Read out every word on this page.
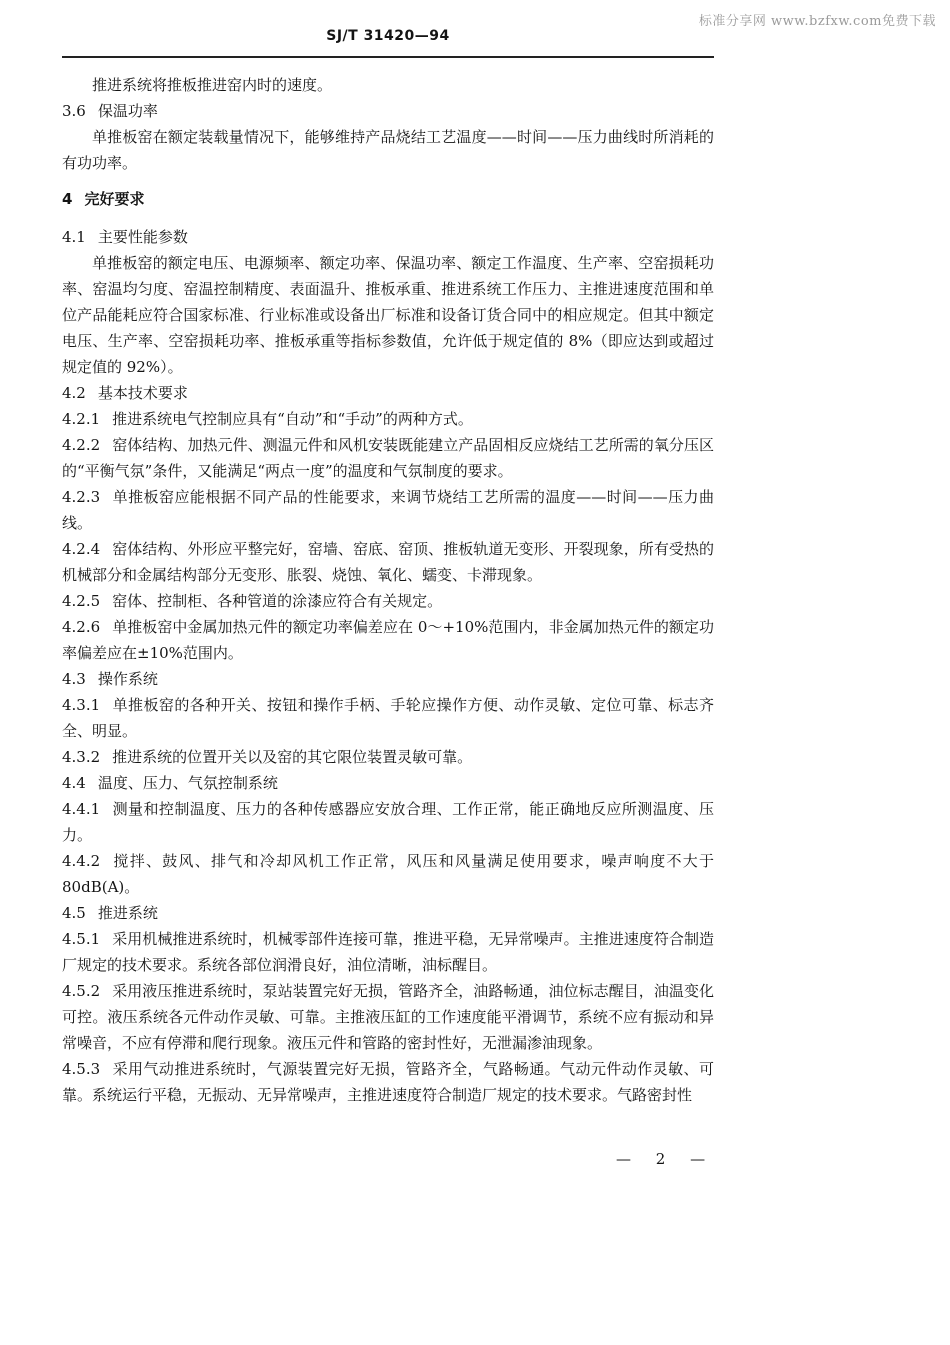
标准分享网 www.bzfxw.com免费下载
SJ/T 31420—94

推进系统将推板推进窑内时的速度。

3.6 保温功率

单推板窑在额定装载量情况下，能够维持产品烧结工艺温度——时间——压力曲线时所消耗的有功功率。

4 完好要求

4.1 主要性能参数

单推板窑的额定电压、电源频率、额定功率、保温功率、额定工作温度、生产率、空窑损耗功率、窑温均匀度、窑温控制精度、表面温升、推板承重、推进系统工作压力、主推进速度范围和单位产品能耗应符合国家标准、行业标准或设备出厂标准和设备订货合同中的相应规定。但其中额定电压、生产率、空窑损耗功率、推板承重等指标参数值，允许低于规定值的 8%（即应达到或超过规定值的 92%）。

4.2 基本技术要求

4.2.1 推进系统电气控制应具有“自动”和“手动”的两种方式。

4.2.2 窑体结构、加热元件、测温元件和风机安装既能建立产品固相反应烧结工艺所需的氧分压区的“平衡气氛”条件，又能满足“两点一度”的温度和气氛制度的要求。

4.2.3 单推板窑应能根据不同产品的性能要求，来调节烧结工艺所需的温度——时间——压力曲线。

4.2.4 窑体结构、外形应平整完好，窑墙、窑底、窑顶、推板轨道无变形、开裂现象，所有受热的机械部分和金属结构部分无变形、胀裂、烧蚀、氧化、蠕变、卡滞现象。

4.2.5 窑体、控制柜、各种管道的涂漆应符合有关规定。

4.2.6 单推板窑中金属加热元件的额定功率偏差应在 0～+10%范围内，非金属加热元件的额定功率偏差应在±10%范围内。

4.3 操作系统

4.3.1 单推板窑的各种开关、按钮和操作手柄、手轮应操作方便、动作灵敏、定位可靠、标志齐全、明显。

4.3.2 推进系统的位置开关以及窑的其它限位装置灵敏可靠。

4.4 温度、压力、气氛控制系统

4.4.1 测量和控制温度、压力的各种传感器应安放合理、工作正常，能正确地反应所测温度、压力。

4.4.2 搅拌、鼓风、排气和冷却风机工作正常，风压和风量满足使用要求，噪声响度不大于 80dB(A)。

4.5 推进系统

4.5.1 采用机械推进系统时，机械零部件连接可靠，推进平稳，无异常噪声。主推进速度符合制造厂规定的技术要求。系统各部位润滑良好，油位清晰，油标醒目。

4.5.2 采用液压推进系统时，泵站装置完好无损，管路齐全，油路畅通，油位标志醒目，油温变化可控。液压系统各元件动作灵敏、可靠。主推液压缸的工作速度能平滑调节，系统不应有振动和异常噪音，不应有停滞和爬行现象。液压元件和管路的密封性好，无泄漏渗油现象。

4.5.3 采用气动推进系统时，气源装置完好无损，管路齐全，气路畅通。气动元件动作灵敏、可靠。系统运行平稳，无振动、无异常噪声，主推进速度符合制造厂规定的技术要求。气路密封性

— 2 —
